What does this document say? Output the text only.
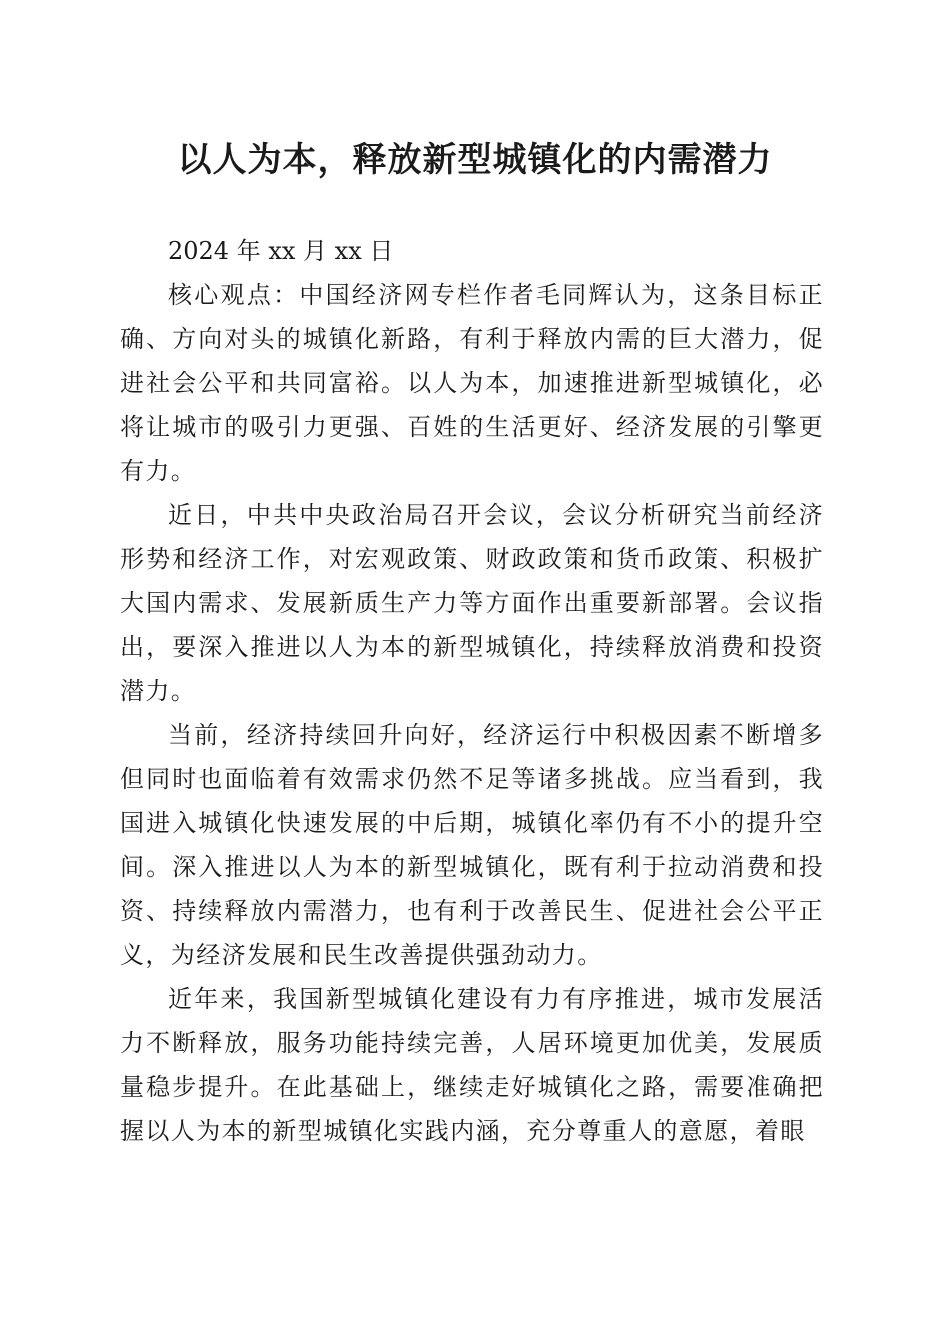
以人为本，释放新型城镇化的内需潜力

2024 年 xx 月 xx 日

核心观点：中国经济网专栏作者毛同辉认为，这条目标正确、方向对头的城镇化新路，有利于释放内需的巨大潜力，促进社会公平和共同富裕。以人为本，加速推进新型城镇化，必将让城市的吸引力更强、百姓的生活更好、经济发展的引擎更有力。

近日，中共中央政治局召开会议，会议分析研究当前经济形势和经济工作，对宏观政策、财政政策和货币政策、积极扩大国内需求、发展新质生产力等方面作出重要新部署。会议指出，要深入推进以人为本的新型城镇化，持续释放消费和投资潜力。

当前，经济持续回升向好，经济运行中积极因素不断增多但同时也面临着有效需求仍然不足等诸多挑战。应当看到，我国进入城镇化快速发展的中后期，城镇化率仍有不小的提升空间。深入推进以人为本的新型城镇化，既有利于拉动消费和投资、持续释放内需潜力，也有利于改善民生、促进社会公平正义，为经济发展和民生改善提供强劲动力。

近年来，我国新型城镇化建设有力有序推进，城市发展活力不断释放，服务功能持续完善，人居环境更加优美，发展质量稳步提升。在此基础上，继续走好城镇化之路，需要准确把握以人为本的新型城镇化实践内涵，充分尊重人的意愿，着眼
